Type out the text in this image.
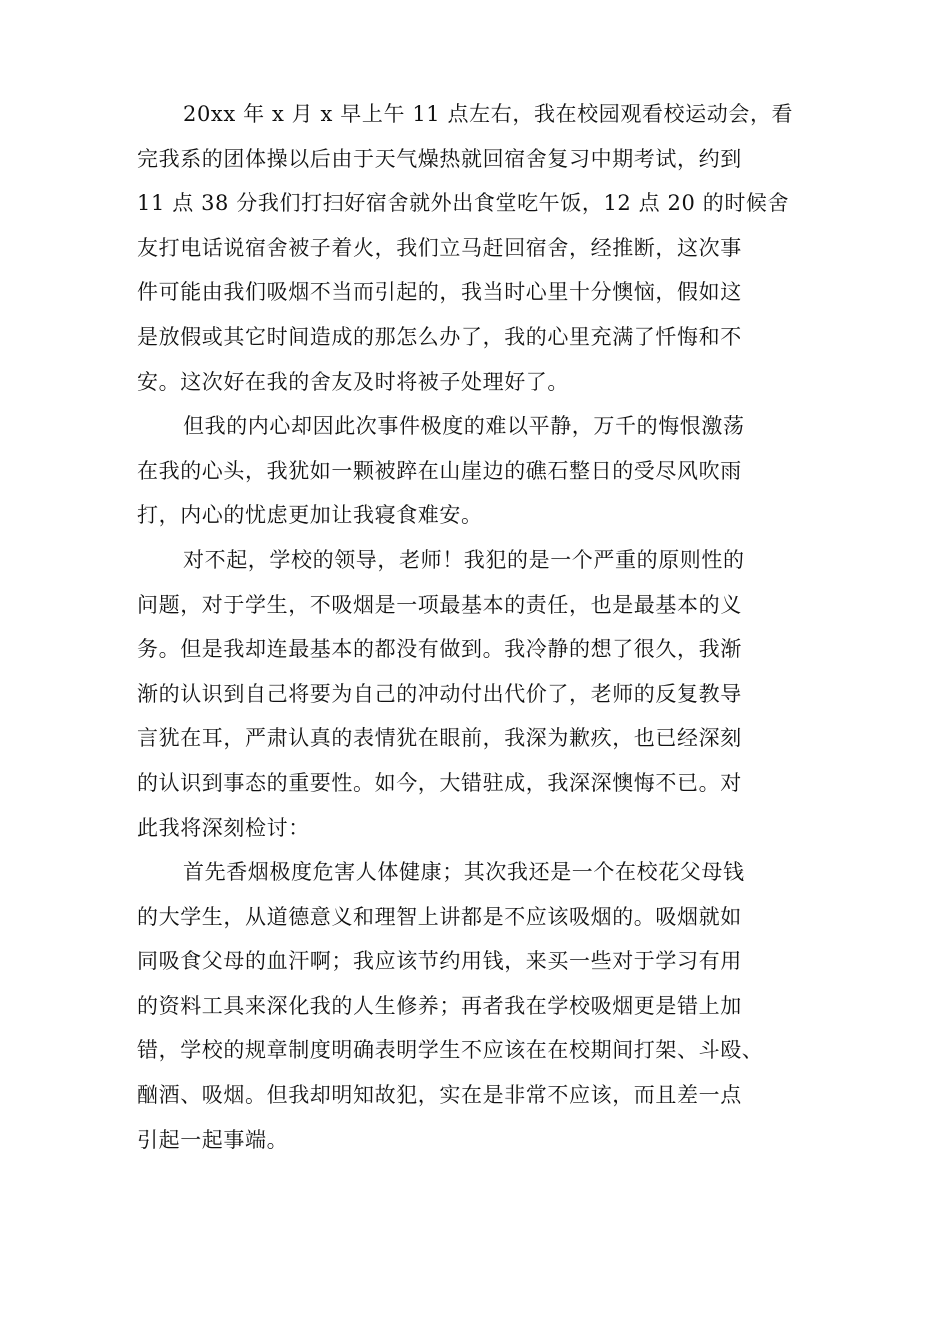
20xx 年 x 月 x 早上午 11 点左右，我在校园观看校运动会，看
完我系的团体操以后由于天气燥热就回宿舍复习中期考试，约到
11 点 38 分我们打扫好宿舍就外出食堂吃午饭，12 点 20 的时候舍
友打电话说宿舍被子着火，我们立马赶回宿舍，经推断，这次事
件可能由我们吸烟不当而引起的，我当时心里十分懊恼，假如这
是放假或其它时间造成的那怎么办了，我的心里充满了忏悔和不
安。这次好在我的舍友及时将被子处理好了。

但我的内心却因此次事件极度的难以平静，万千的悔恨激荡
在我的心头，我犹如一颗被踤在山崖边的礁石整日的受尽风吹雨
打，内心的忧虑更加让我寝食难安。

对不起，学校的领导，老师！我犯的是一个严重的原则性的
问题，对于学生，不吸烟是一项最基本的责任，也是最基本的义
务。但是我却连最基本的都没有做到。我冷静的想了很久，我渐
渐的认识到自己将要为自己的冲动付出代价了，老师的反复教导
言犹在耳，严肃认真的表情犹在眼前，我深为歉疚，也已经深刻
的认识到事态的重要性。如今，大错驻成，我深深懊悔不已。对
此我将深刻检讨：

首先香烟极度危害人体健康；其次我还是一个在校花父母钱
的大学生，从道德意义和理智上讲都是不应该吸烟的。吸烟就如
同吸食父母的血汗啊；我应该节约用钱，来买一些对于学习有用
的资料工具来深化我的人生修养；再者我在学校吸烟更是错上加
错，学校的规章制度明确表明学生不应该在在校期间打架、斗殴、
酗酒、吸烟。但我却明知故犯，实在是非常不应该，而且差一点
引起一起事端。
